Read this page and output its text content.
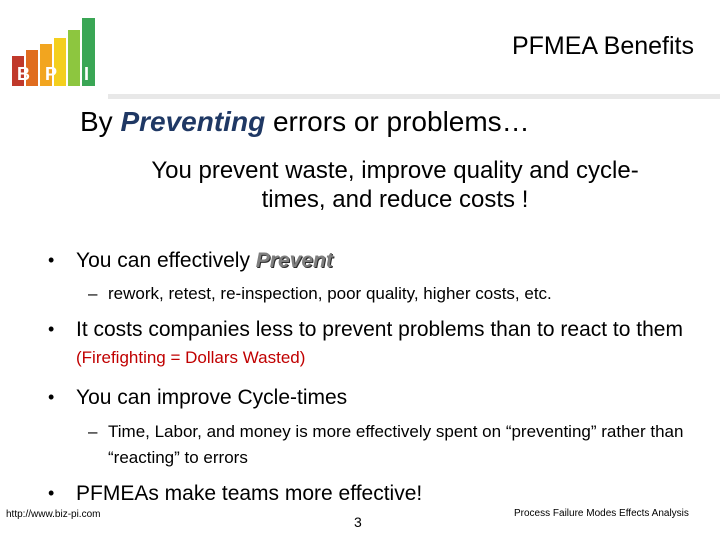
B P I
PFMEA Benefits
By Preventing errors or problems…
You prevent waste, improve quality and cycle-times, and reduce costs !
• You can effectively Prevent
– rework, retest, re-inspection, poor quality, higher costs, etc.
• It costs companies less to prevent problems than to react to them (Firefighting = Dollars Wasted)
• You can improve Cycle-times
– Time, Labor, and money is more effectively spent on “preventing” rather than “reacting” to errors
• PFMEAs make teams more effective!
http://www.biz-pi.com	3
Process Failure Modes Effects Analysis
